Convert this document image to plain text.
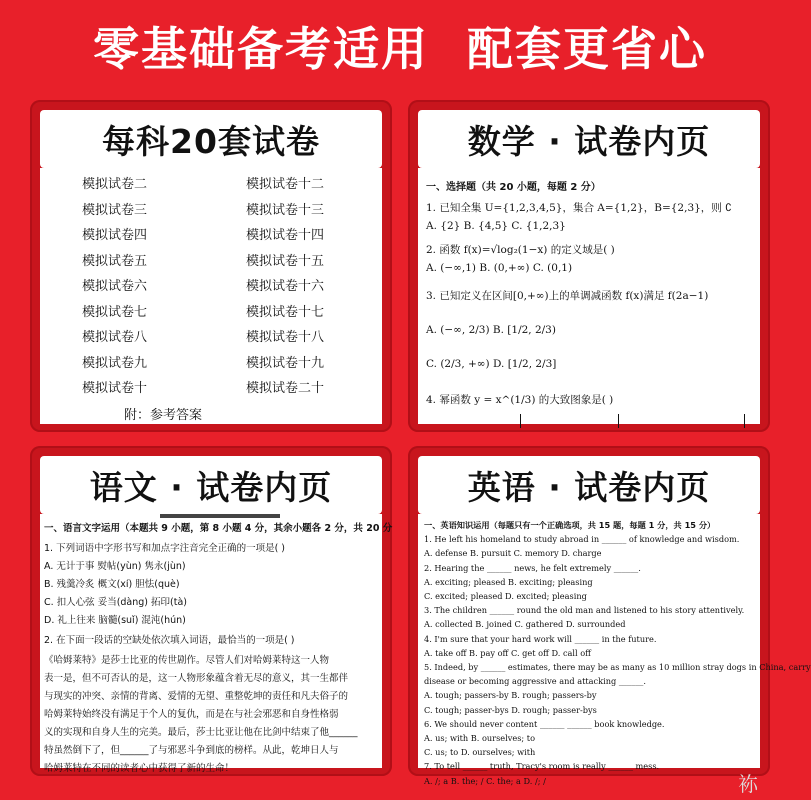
零基础备考适用 配套更省心
每科20套试卷
模拟试卷二
模拟试卷三
模拟试卷四
模拟试卷五
模拟试卷六
模拟试卷七
模拟试卷八
模拟试卷九
模拟试卷十
模拟试卷十二
模拟试卷十三
模拟试卷十四
模拟试卷十五
模拟试卷十六
模拟试卷十七
模拟试卷十八
模拟试卷十九
模拟试卷二十
附：参考答案
数学 · 试卷内页
一、选择题（共 20 小题，每题 2 分）
1. 已知全集 U={1,2,3,4,5}，集合 A={1,2}，B={2,3}，则 ∁
A. {2} B. {4,5} C. {1,2,3}
2. 函数 f(x)=√log₂(1−x) 的定义域是( )
A. (−∞,1) B. (0,+∞) C. (0,1)
3. 已知定义在区间[0,+∞)上的单调减函数 f(x)满足 f(2a−1)
A. (−∞, 2/3) B. [1/2, 2/3)
C. (2/3, +∞) D. [1/2, 2/3]
4. 幂函数 y = x^(1/3) 的大致图象是( )
语文 · 试卷内页
一、语言文字运用（本题共 9 小题，第 8 小题 4 分，其余小题各 2 分，共 20 分
1. 下列词语中字形书写和加点字注音完全正确的一项是( )
A. 无计于事 熨帖(yùn) 隽永(jùn)
B. 残羹冷炙 概文(xí) 胆怯(què)
C. 扣人心弦 妥当(dàng) 拓印(tà)
D. 礼上往来 脑髓(suǐ) 混沌(hún)
2. 在下面一段话的空缺处依次填入词语，最恰当的一项是( )
《哈姆莱特》是莎士比亚的传世剧作。尽管人们对哈姆莱特这一人物
表一是，但不可否认的是，这一人物形象蕴含着无尽的意义，其一生都伴
与现实的冲突、亲情的背离、爱情的无望、重整乾坤的责任和凡夫俗子的
哈姆莱特始终没有满足于个人的复仇，而是在与社会邪恶和自身性格弱
义的实现和自身人生的完美。最后，莎士比亚让他在比剑中结束了他______
特虽然倒下了，但______了与邪恶斗争到底的榜样。从此，乾坤日人与
哈姆莱特在不同的读者心中获得了新的生命！
英语 · 试卷内页
一、英语知识运用（每题只有一个正确选项，共 15 题，每题 1 分，共 15 分）
1. He left his homeland to study abroad in ______ of knowledge and wisdom.
A. defense B. pursuit C. memory D. charge
2. Hearing the ______ news, he felt extremely ______.
A. exciting; pleased B. exciting; pleasing
C. excited; pleased D. excited; pleasing
3. The children ______ round the old man and listened to his story attentively.
A. collected B. joined C. gathered D. surrounded
4. I'm sure that your hard work will ______ in the future.
A. take off B. pay off C. get off D. call off
5. Indeed, by ______ estimates, there may be as many as 10 million stray dogs in China, carry
disease or becoming aggressive and attacking ______.
A. tough; passers-by B. rough; passers-by
C. tough; passer-bys D. rough; passer-bys
6. We should never content ______ ______ book knowledge.
A. us; with B. ourselves; to
C. us; to D. ourselves; with
7. To tell ______ truth, Tracy's room is really ______ mess.
A. /; a B. the; / C. the; a D. /; /	袮
